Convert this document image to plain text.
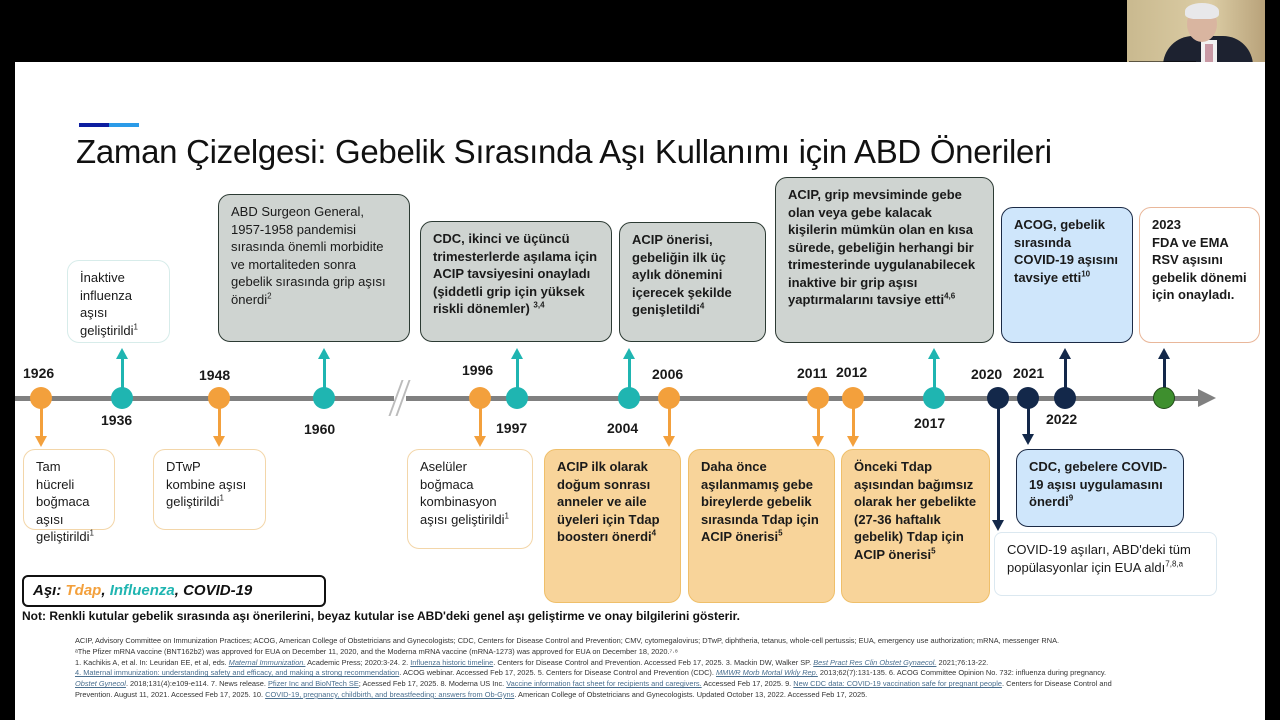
Zaman Çizelgesi: Gebelik Sırasında Aşı Kullanımı için ABD Önerileri
İnaktive influenza aşısı geliştirildi$^1$
ABD Surgeon General, 1957-1958 pandemisi sırasında önemli morbidite ve mortaliteden sonra gebelik sırasında grip aşısı önerdi$^2$
CDC, ikinci ve üçüncü trimesterlerde aşılama için ACIP tavsiyesini onayladı (şiddetli grip için yüksek riskli dönemler) $^{3,4}$
ACIP önerisi, gebeliğin ilk üç aylık dönemini içerecek şekilde genişletildi$^4$
ACIP, grip mevsiminde gebe olan veya gebe kalacak kişilerin mümkün olan en kısa sürede, gebeliğin herhangi bir trimesterinde uygulanabilecek inaktive bir grip aşısı yaptırmalarını tavsiye etti$^{4,6}$
ACOG, gebelik sırasında COVID-19 aşısını tavsiye etti$^{10}$
2023
FDA ve EMA RSV aşısını gebelik dönemi için onayladı.
1926
1936
1948
1960
1996
1997	2004
2006	2011 2012
2017
2020 2021
2022
Tam hücreli boğmaca aşısı geliştirildi$^1$
DTwP kombine aşısı geliştirildi$^1$
Aselüler boğmaca kombinasyon aşısı geliştirildi$^1$
ACIP ilk olarak doğum sonrası anneler ve aile üyeleri için Tdap boosterı önerdi$^4$
Daha önce aşılanmamış gebe bireylerde gebelik sırasında Tdap için ACIP önerisi$^5$
Önceki Tdap aşısından bağımsız olarak her gebelikte (27-36 haftalık gebelik) Tdap için ACIP önerisi$^5$
CDC, gebelere COVID-19 aşısı uygulamasını önerdi$^9$
COVID-19 aşıları, ABD'deki tüm popülasyonlar için EUA aldı$^{7,8,a}$
Aşı: Tdap, Influenza, COVID-19
Not: Renkli kutular gebelik sırasında aşı önerilerini, beyaz kutular ise ABD'deki genel aşı geliştirme ve onay bilgilerini gösterir.
ACIP, Advisory Committee on Immunization Practices; ACOG, American College of Obstetricians and Gynecologists; CDC, Centers for Disease Control and Prevention; CMV, cytomegalovirus; DTwP, diphtheria, tetanus, whole-cell pertussis; EUA, emergency use authorization; mRNA, messenger RNA.
ᵃThe Pfizer mRNA vaccine (BNT162b2) was approved for EUA on December 11, 2020, and the Moderna mRNA vaccine (mRNA-1273) was approved for EUA on December 18, 2020.⁷·⁸
1. Kachikis A, et al. In: Leuridan EE, et al, eds. Maternal Immunization. Academic Press; 2020:3-24. 2. Influenza historic timeline. Centers for Disease Control and Prevention. Accessed Feb 17, 2025. 3. Mackin DW, Walker SP. Best Pract Res Clin Obstet Gynaecol. 2021;76:13-22.
4. Maternal immunization: understanding safety and efficacy, and making a strong recommendation. ACOG webinar. Accessed Feb 17, 2025. 5. Centers for Disease Control and Prevention (CDC). MMWR Morb Mortal Wkly Rep. 2013;62(7):131-135. 6. ACOG Committee Opinion No. 732: influenza during pregnancy.
Obstet Gynecol. 2018;131(4):e109-e114. 7. News release. Pfizer Inc and BioNTech SE; Acessed Feb 17, 2025. 8. Moderna US Inc. Vaccine information fact sheet for recipients and caregivers. Accessed Feb 17, 2025. 9. New CDC data: COVID-19 vaccination safe for pregnant people. Centers for Disease Control and
Prevention. August 11, 2021. Accessed Feb 17, 2025. 10. COVID-19, pregnancy, childbirth, and breastfeeding: answers from Ob-Gyns. American College of Obstetricians and Gynecologists. Updated October 13, 2022. Accessed Feb 17, 2025.
